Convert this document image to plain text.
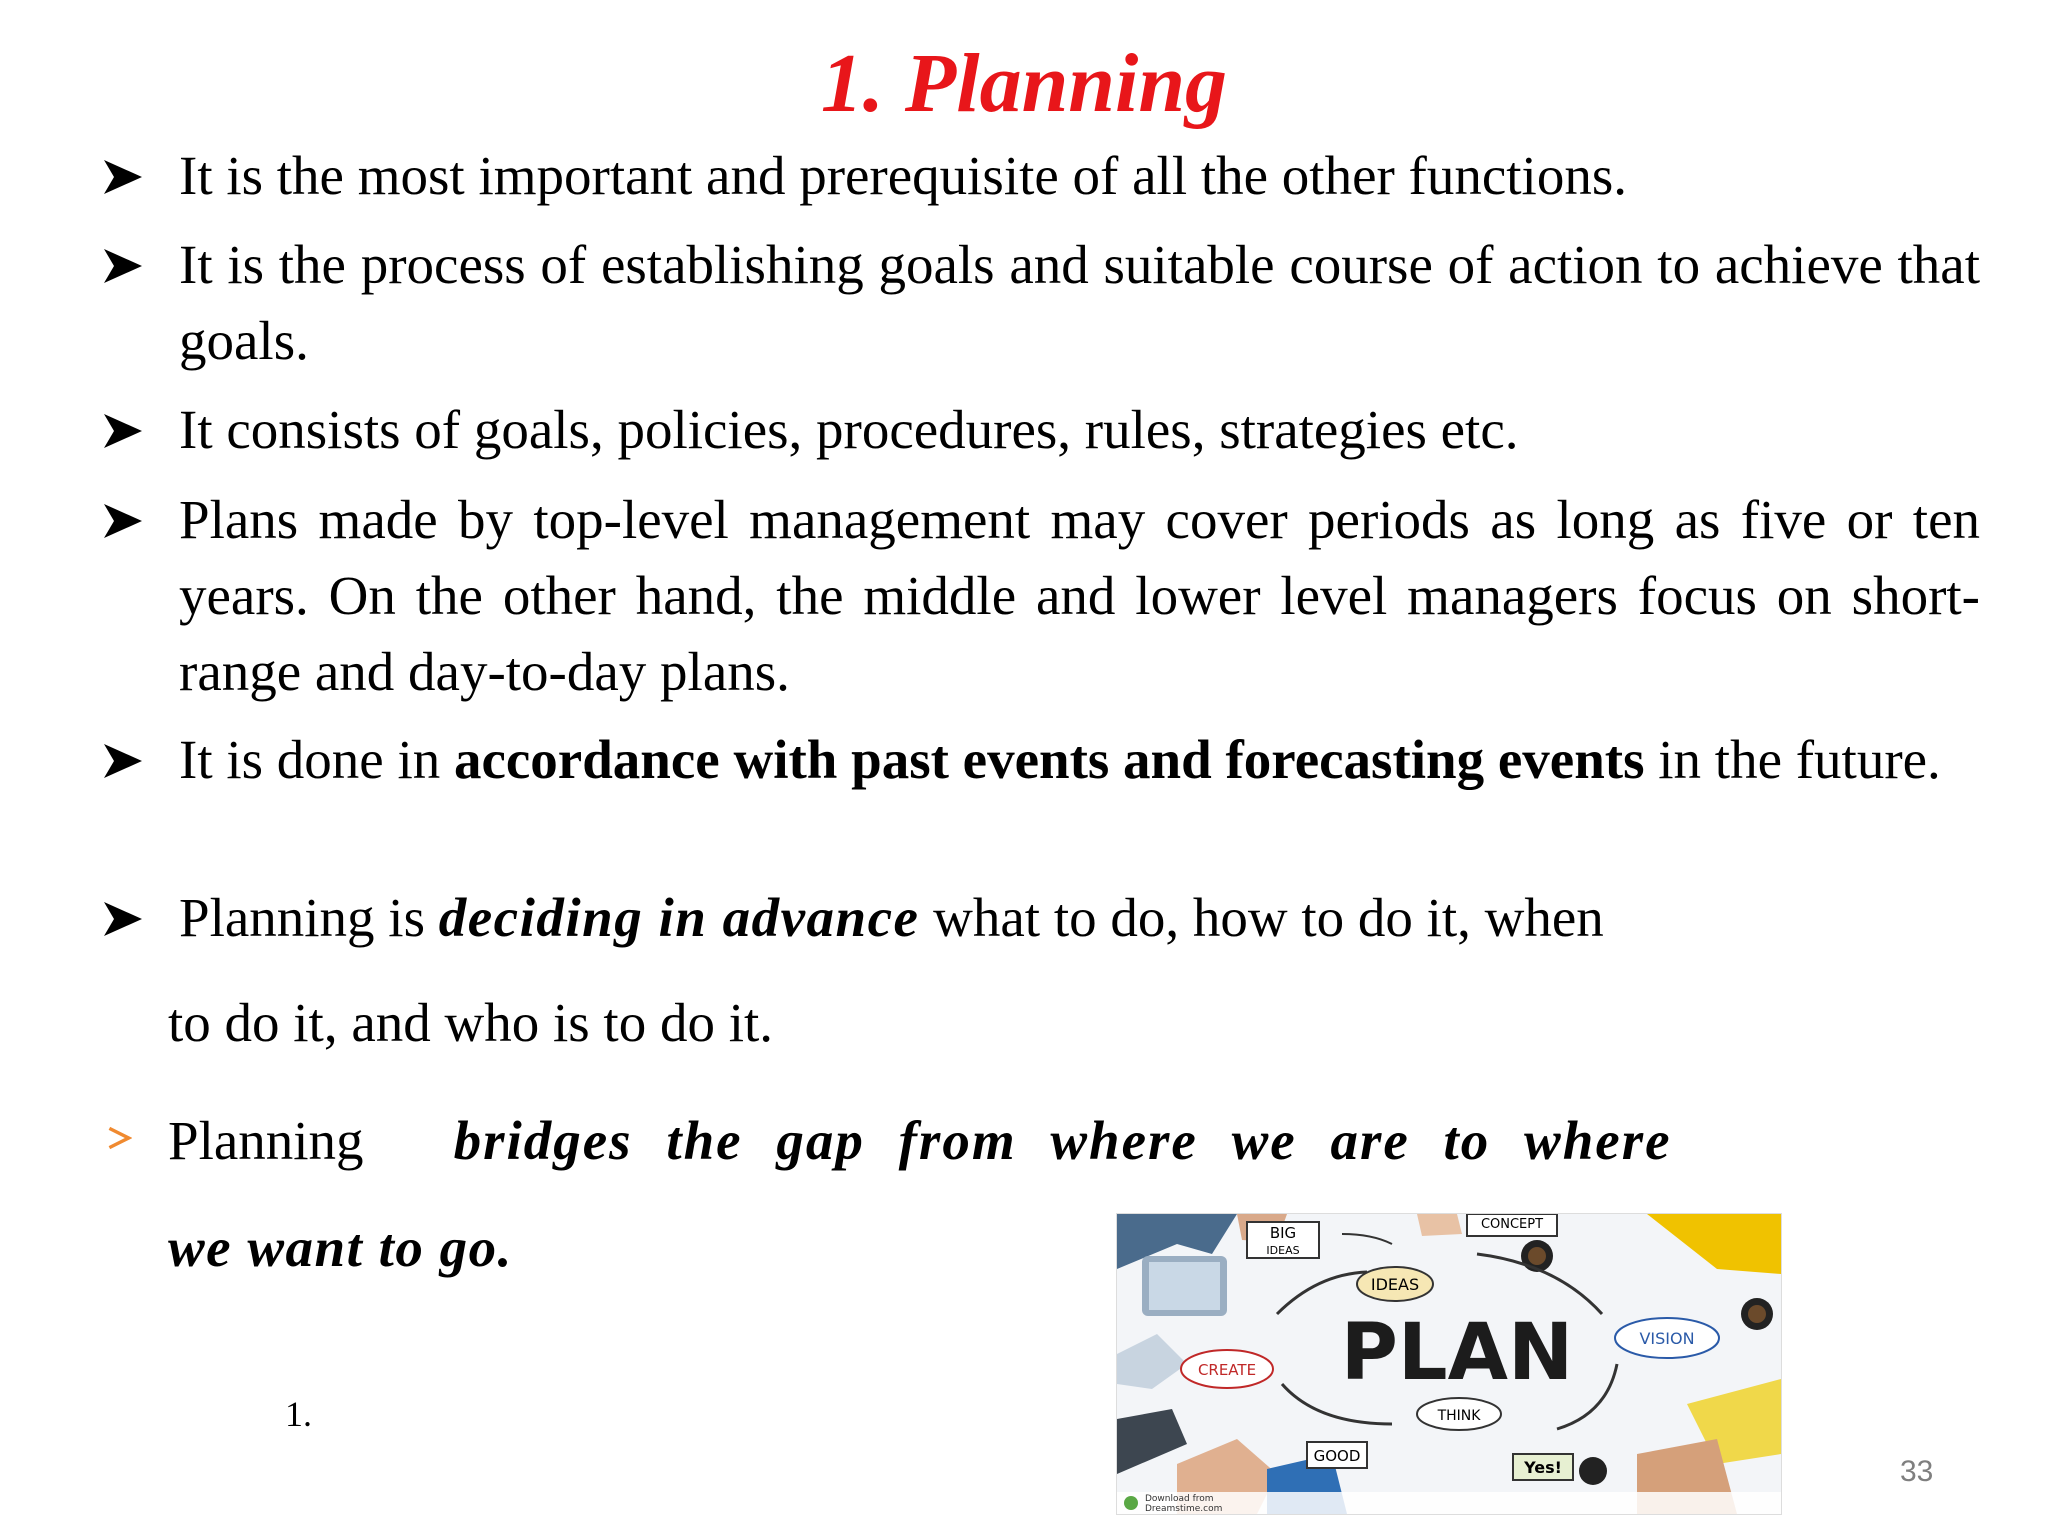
1. Planning
It is the most important and prerequisite of all the other functions.
It is the process of establishing goals and suitable course of action to achieve that goals.
It consists of goals, policies, procedures, rules, strategies etc.
Plans made by top-level management may cover periods as long as five or ten years. On the other hand, the middle and lower level managers focus on short-range and day-to-day plans.
It is done in accordance with past events and forecasting events in the future.
Planning is deciding in advance what to do, how to do it, when
to do it, and who is to do it.
Planning bridges the gap from where we are to where
we want to go.
1.
BIG
IDEAS
CONCEPT
IDEAS
VISION
CREATE PLAN
THINK
GOOD
Yes!
Download from
Dreamstime.com
33
